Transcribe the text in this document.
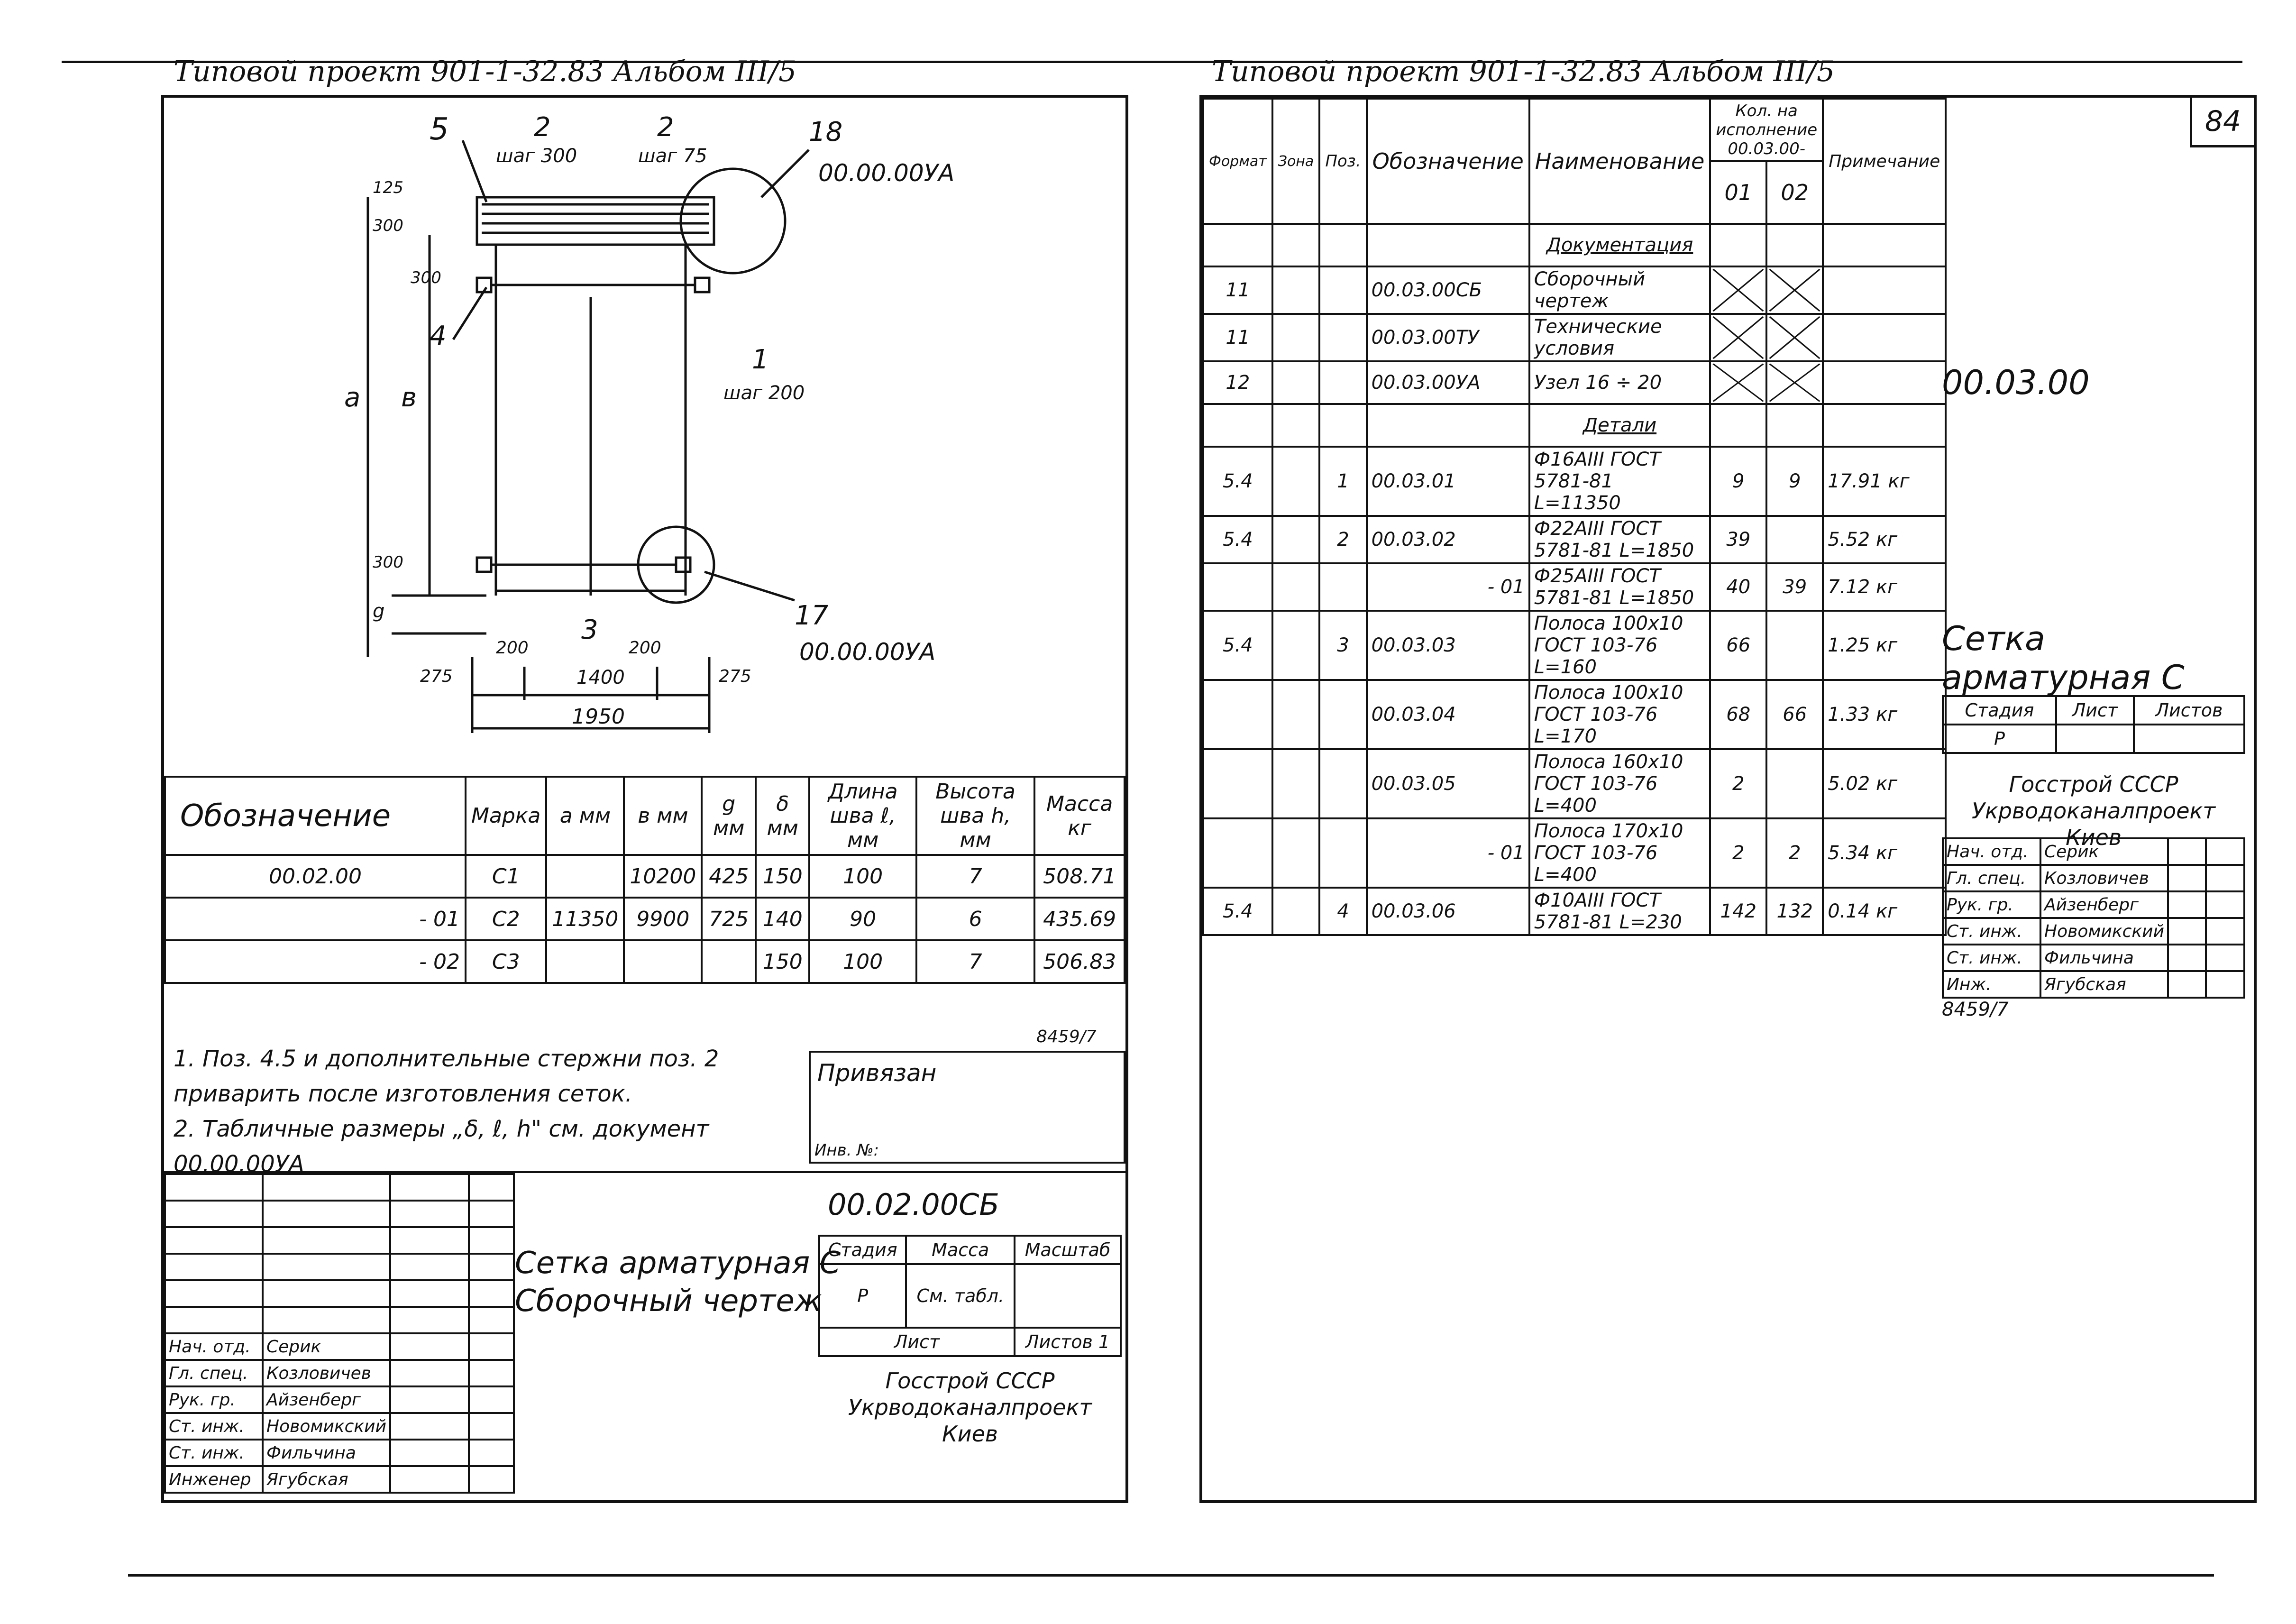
Типовой проект 901-1-32.83 Альбом III/5
5	2
шаг 300
2
шаг 75
18
00.00.00УА
125
300
300
4
a в
1
шаг 200
300
g	17
00.00.00УА
200
3
200
275	1400	275
1950
Обозначение	Марка	a мм	в мм	g мм	δ мм	Длина шва ℓ, мм	Высота шва h, мм	Масса кг
00.02.00	C1		10200	425	150	100	7	508.71
- 01	C2	11350	9900	725	140	90	6	435.69
- 02	C3				150	100	7	506.83
8459/7

1. Поз. 4.5 и дополнительные стержни поз. 2 приварить после изготовления сеток.

2. Табличные размеры „δ, ℓ, h" см. документ 00.00.00УА

Привязан
Инв. №:

Нач. отд.	Серик		
Гл. спец.	Козловичев		
Рук. гр.	Айзенберг		
Ст. инж.	Новомикский		
Ст. инж.	Фильчина		
Инженер	Ягубская		
00.02.00СБ
Сетка арматурная С
Сборочный чертеж
Стадия	Масса	Масштаб
Р	См. табл.	
Лист		Листов 1
Госстрой СССР
Укрводоканалпроект
Киев
Типовой проект 901-1-32.83 Альбом III/5
84
Формат	Зона	Поз.	Обозначение	Наименование	Кол. на исполнение 00.03.00-		Примечание
					01	02	
				Документация			
11			00.03.00СБ	Сборочный чертеж	

11			00.03.00ТУ	Технические условия	

12			00.03.00УА	Узел 16 ÷ 20	

				Детали			
5.4		1	00.03.01	Ф16АIII ГОСТ 5781-81 L=11350	9	9	17.91 кг
5.4		2	00.03.02	Ф22АIII ГОСТ 5781-81 L=1850	39		5.52 кг
			- 01	Ф25АIII ГОСТ 5781-81 L=1850	40	39	7.12 кг
5.4		3	00.03.03	Полоса 100х10 ГОСТ 103-76 L=160	66		1.25 кг
			00.03.04	Полоса 100х10 ГОСТ 103-76 L=170	68	66	1.33 кг
			00.03.05	Полоса 160х10 ГОСТ 103-76 L=400	2		5.02 кг
			- 01	Полоса 170х10 ГОСТ 103-76 L=400	2	2	5.34 кг
5.4		4	00.03.06	Ф10АIII ГОСТ 5781-81 L=230	142	132	0.14 кг
00.03.00
Сетка арматурная С
Стадия	Лист	Листов
Р		
Госстрой СССР
Укрводоканалпроект
Киев
Нач. отд.	Серик		
Гл. спец.	Козловичев		
Рук. гр.	Айзенберг		
Ст. инж.	Новомикский		
Ст. инж.	Фильчина		
Инж.	Ягубская		
8459/7
